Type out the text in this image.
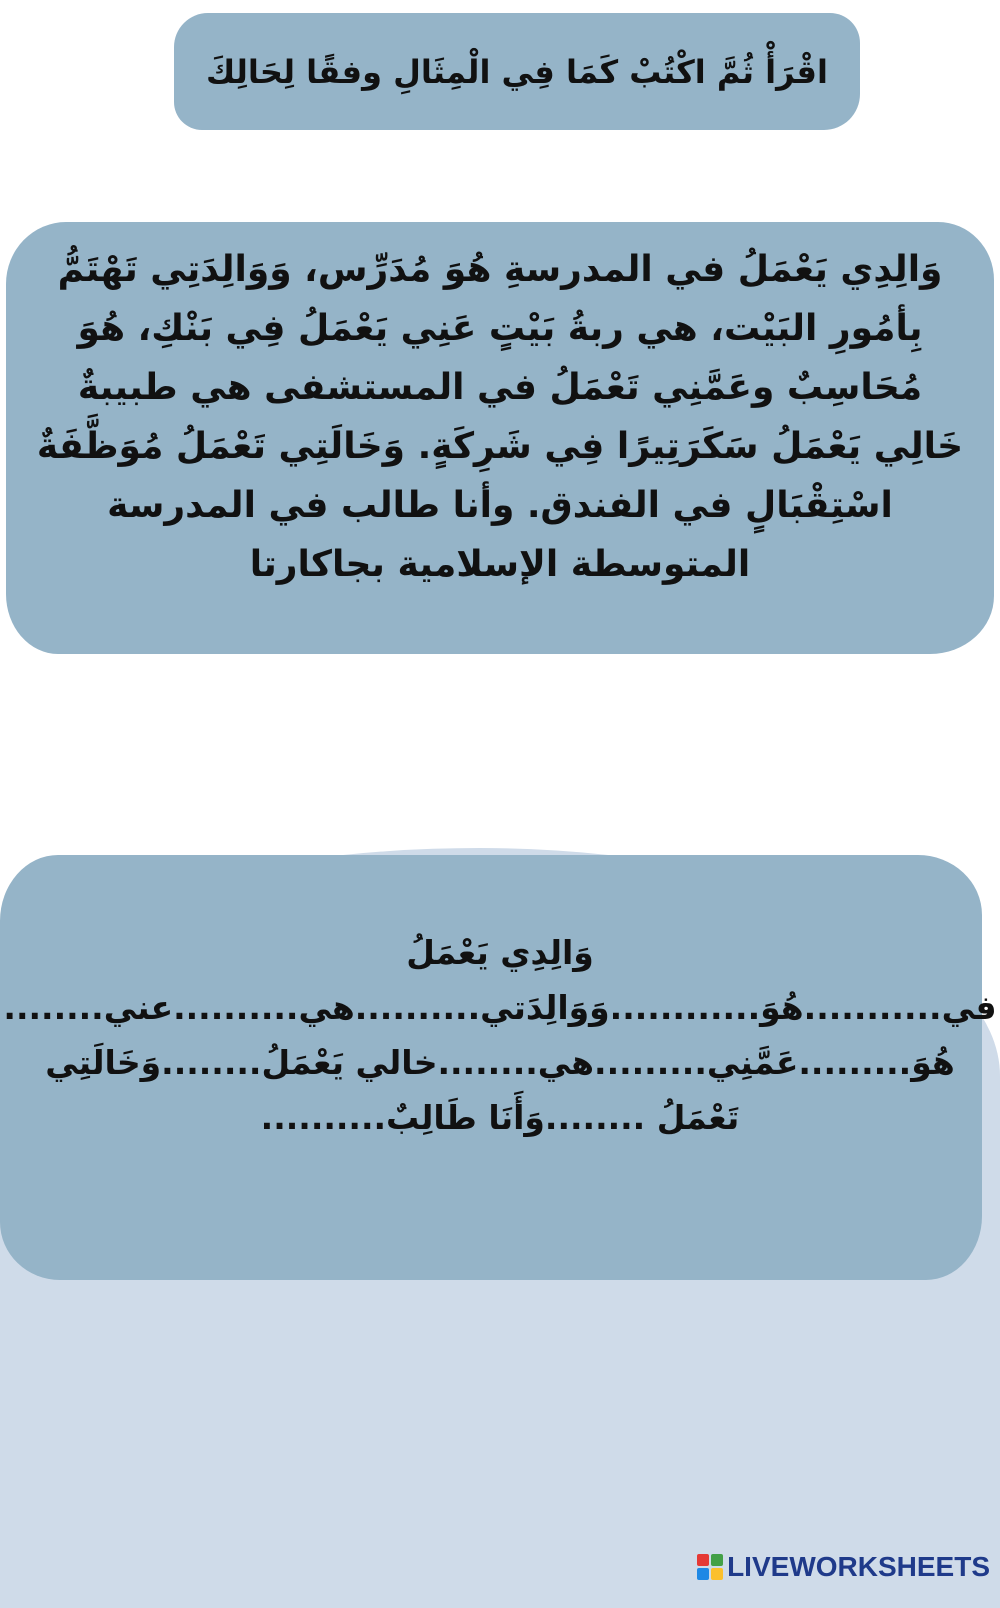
اقْرَأْ ثُمَّ اكْتُبْ كَمَا فِي الْمِثَالِ وفقًا لِحَالِكَ
وَالِدِي يَعْمَلُ في المدرسةِ هُوَ مُدَرِّس، وَوَالِدَتِي تَهْتَمُّ
بِأمُورِ البَيْت، هي ربةُ بَيْتٍ عَنِي يَعْمَلُ فِي بَنْكِ، هُوَ
مُحَاسِبٌ وعَمَّنِي تَعْمَلُ في المستشفى هي طبيبةٌ
خَالِي يَعْمَلُ سَكَرَتِيرًا فِي شَرِكَةٍ. وَخَالَتِي تَعْمَلُ مُوَظَّفَةٌ
اسْتِقْبَالٍ في الفندق. وأنا طالب في المدرسة
المتوسطة الإسلامية بجاكارتا
وَالِدِي يَعْمَلُ
في...........هُوَ............وَوَالِدَتي..........هي..........عني........
هُوَ.........عَمَّنِي.........هي........خالي يَعْمَلُ........وَخَالَتِي
تَعْمَلُ ........وَأَنَا طَالِبٌ..........
LIVEWORKSHEETS
